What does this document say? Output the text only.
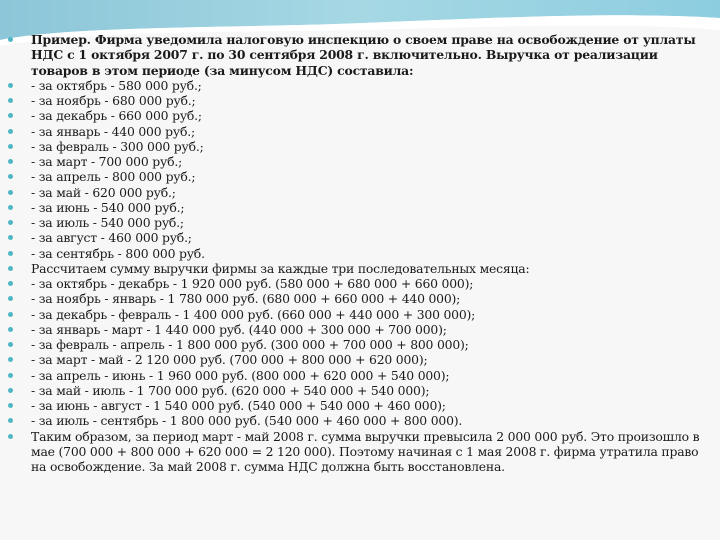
Пример. Фирма уведомила налоговую инспекцию о своем праве на освобождение от уплаты НДС с 1 октября 2007 г. по 30 сентября 2008 г. включительно. Выручка от реализации товаров в этом периоде (за минусом НДС) составила:
- за октябрь - 580 000 руб.;
- за ноябрь - 680 000 руб.;
- за декабрь - 660 000 руб.;
- за январь - 440 000 руб.;
- за февраль - 300 000 руб.;
- за март - 700 000 руб.;
- за апрель - 800 000 руб.;
- за май - 620 000 руб.;
- за июнь - 540 000 руб.;
- за июль - 540 000 руб.;
- за август - 460 000 руб.;
- за сентябрь - 800 000 руб.
Рассчитаем сумму выручки фирмы за каждые три последовательных месяца:
- за октябрь - декабрь - 1 920 000 руб. (580 000 + 680 000 + 660 000);
- за ноябрь - январь - 1 780 000 руб. (680 000 + 660 000 + 440 000);
- за декабрь - февраль - 1 400 000 руб. (660 000 + 440 000 + 300 000);
- за январь - март - 1 440 000 руб. (440 000 + 300 000 + 700 000);
- за февраль - апрель - 1 800 000 руб. (300 000 + 700 000 + 800 000);
- за март - май - 2 120 000 руб. (700 000 + 800 000 + 620 000);
- за апрель - июнь - 1 960 000 руб. (800 000 + 620 000 + 540 000);
- за май - июль - 1 700 000 руб. (620 000 + 540 000 + 540 000);
- за июнь - август - 1 540 000 руб. (540 000 + 540 000 + 460 000);
- за июль - сентябрь - 1 800 000 руб. (540 000 + 460 000 + 800 000).
Таким образом, за период март - май 2008 г. сумма выручки превысила 2 000 000 руб. Это произошло в мае (700 000 + 800 000 + 620 000 = 2 120 000). Поэтому начиная с 1 мая 2008 г. фирма утратила право на освобождение. За май 2008 г. сумма НДС должна быть восстановлена.
